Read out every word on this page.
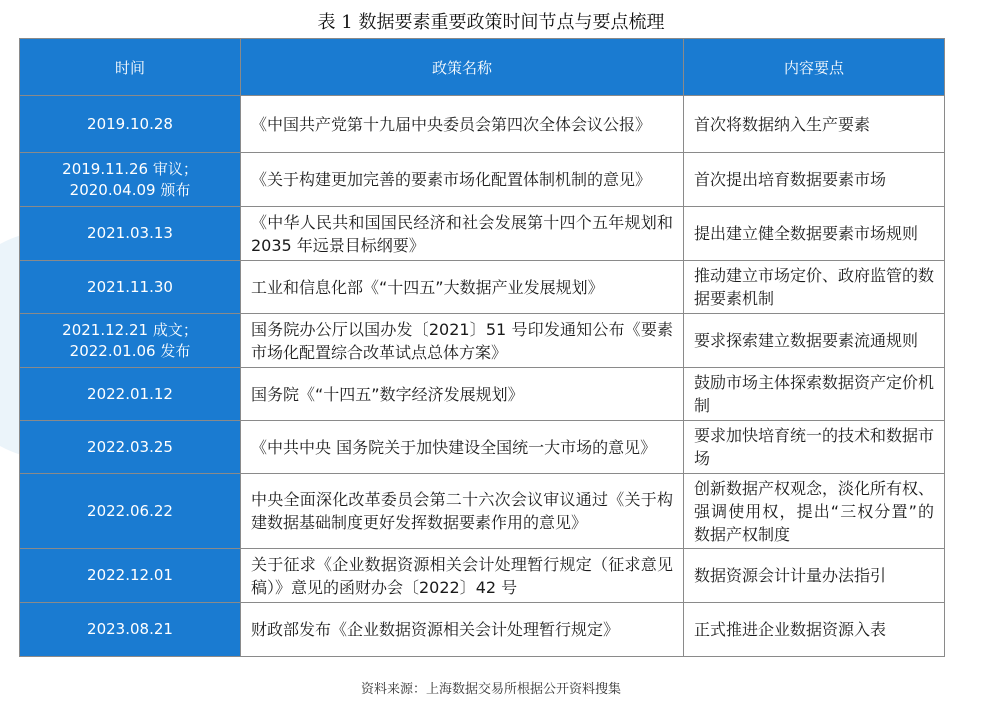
表 1 数据要素重要政策时间节点与要点梳理
时间	政策名称	内容要点
2019.10.28	《中国共产党第十九届中央委员会第四次全体会议公报》	首次将数据纳入生产要素
2019.11.26 审议；2020.04.09 颁布	《关于构建更加完善的要素市场化配置体制机制的意见》	首次提出培育数据要素市场
2021.03.13	《中华人民共和国国民经济和社会发展第十四个五年规划和 2035 年远景目标纲要》	提出建立健全数据要素市场规则
2021.11.30	工业和信息化部《“十四五”大数据产业发展规划》	推动建立市场定价、政府监管的数据要素机制
2021.12.21 成文；2022.01.06 发布	国务院办公厅以国办发〔2021〕51 号印发通知公布《要素市场化配置综合改革试点总体方案》	要求探索建立数据要素流通规则
2022.01.12	国务院《“十四五”数字经济发展规划》	鼓励市场主体探索数据资产定价机制
2022.03.25	《中共中央 国务院关于加快建设全国统一大市场的意见》	要求加快培育统一的技术和数据市场
2022.06.22	中央全面深化改革委员会第二十六次会议审议通过《关于构建数据基础制度更好发挥数据要素作用的意见》	创新数据产权观念，淡化所有权、强调使用权，提出“三权分置”的数据产权制度
2022.12.01	关于征求《企业数据资源相关会计处理暂行规定（征求意见稿）》意见的函财办会〔2022〕42 号	数据资源会计计量办法指引
2023.08.21	财政部发布《企业数据资源相关会计处理暂行规定》	正式推进企业数据资源入表
资料来源：上海数据交易所根据公开资料搜集
